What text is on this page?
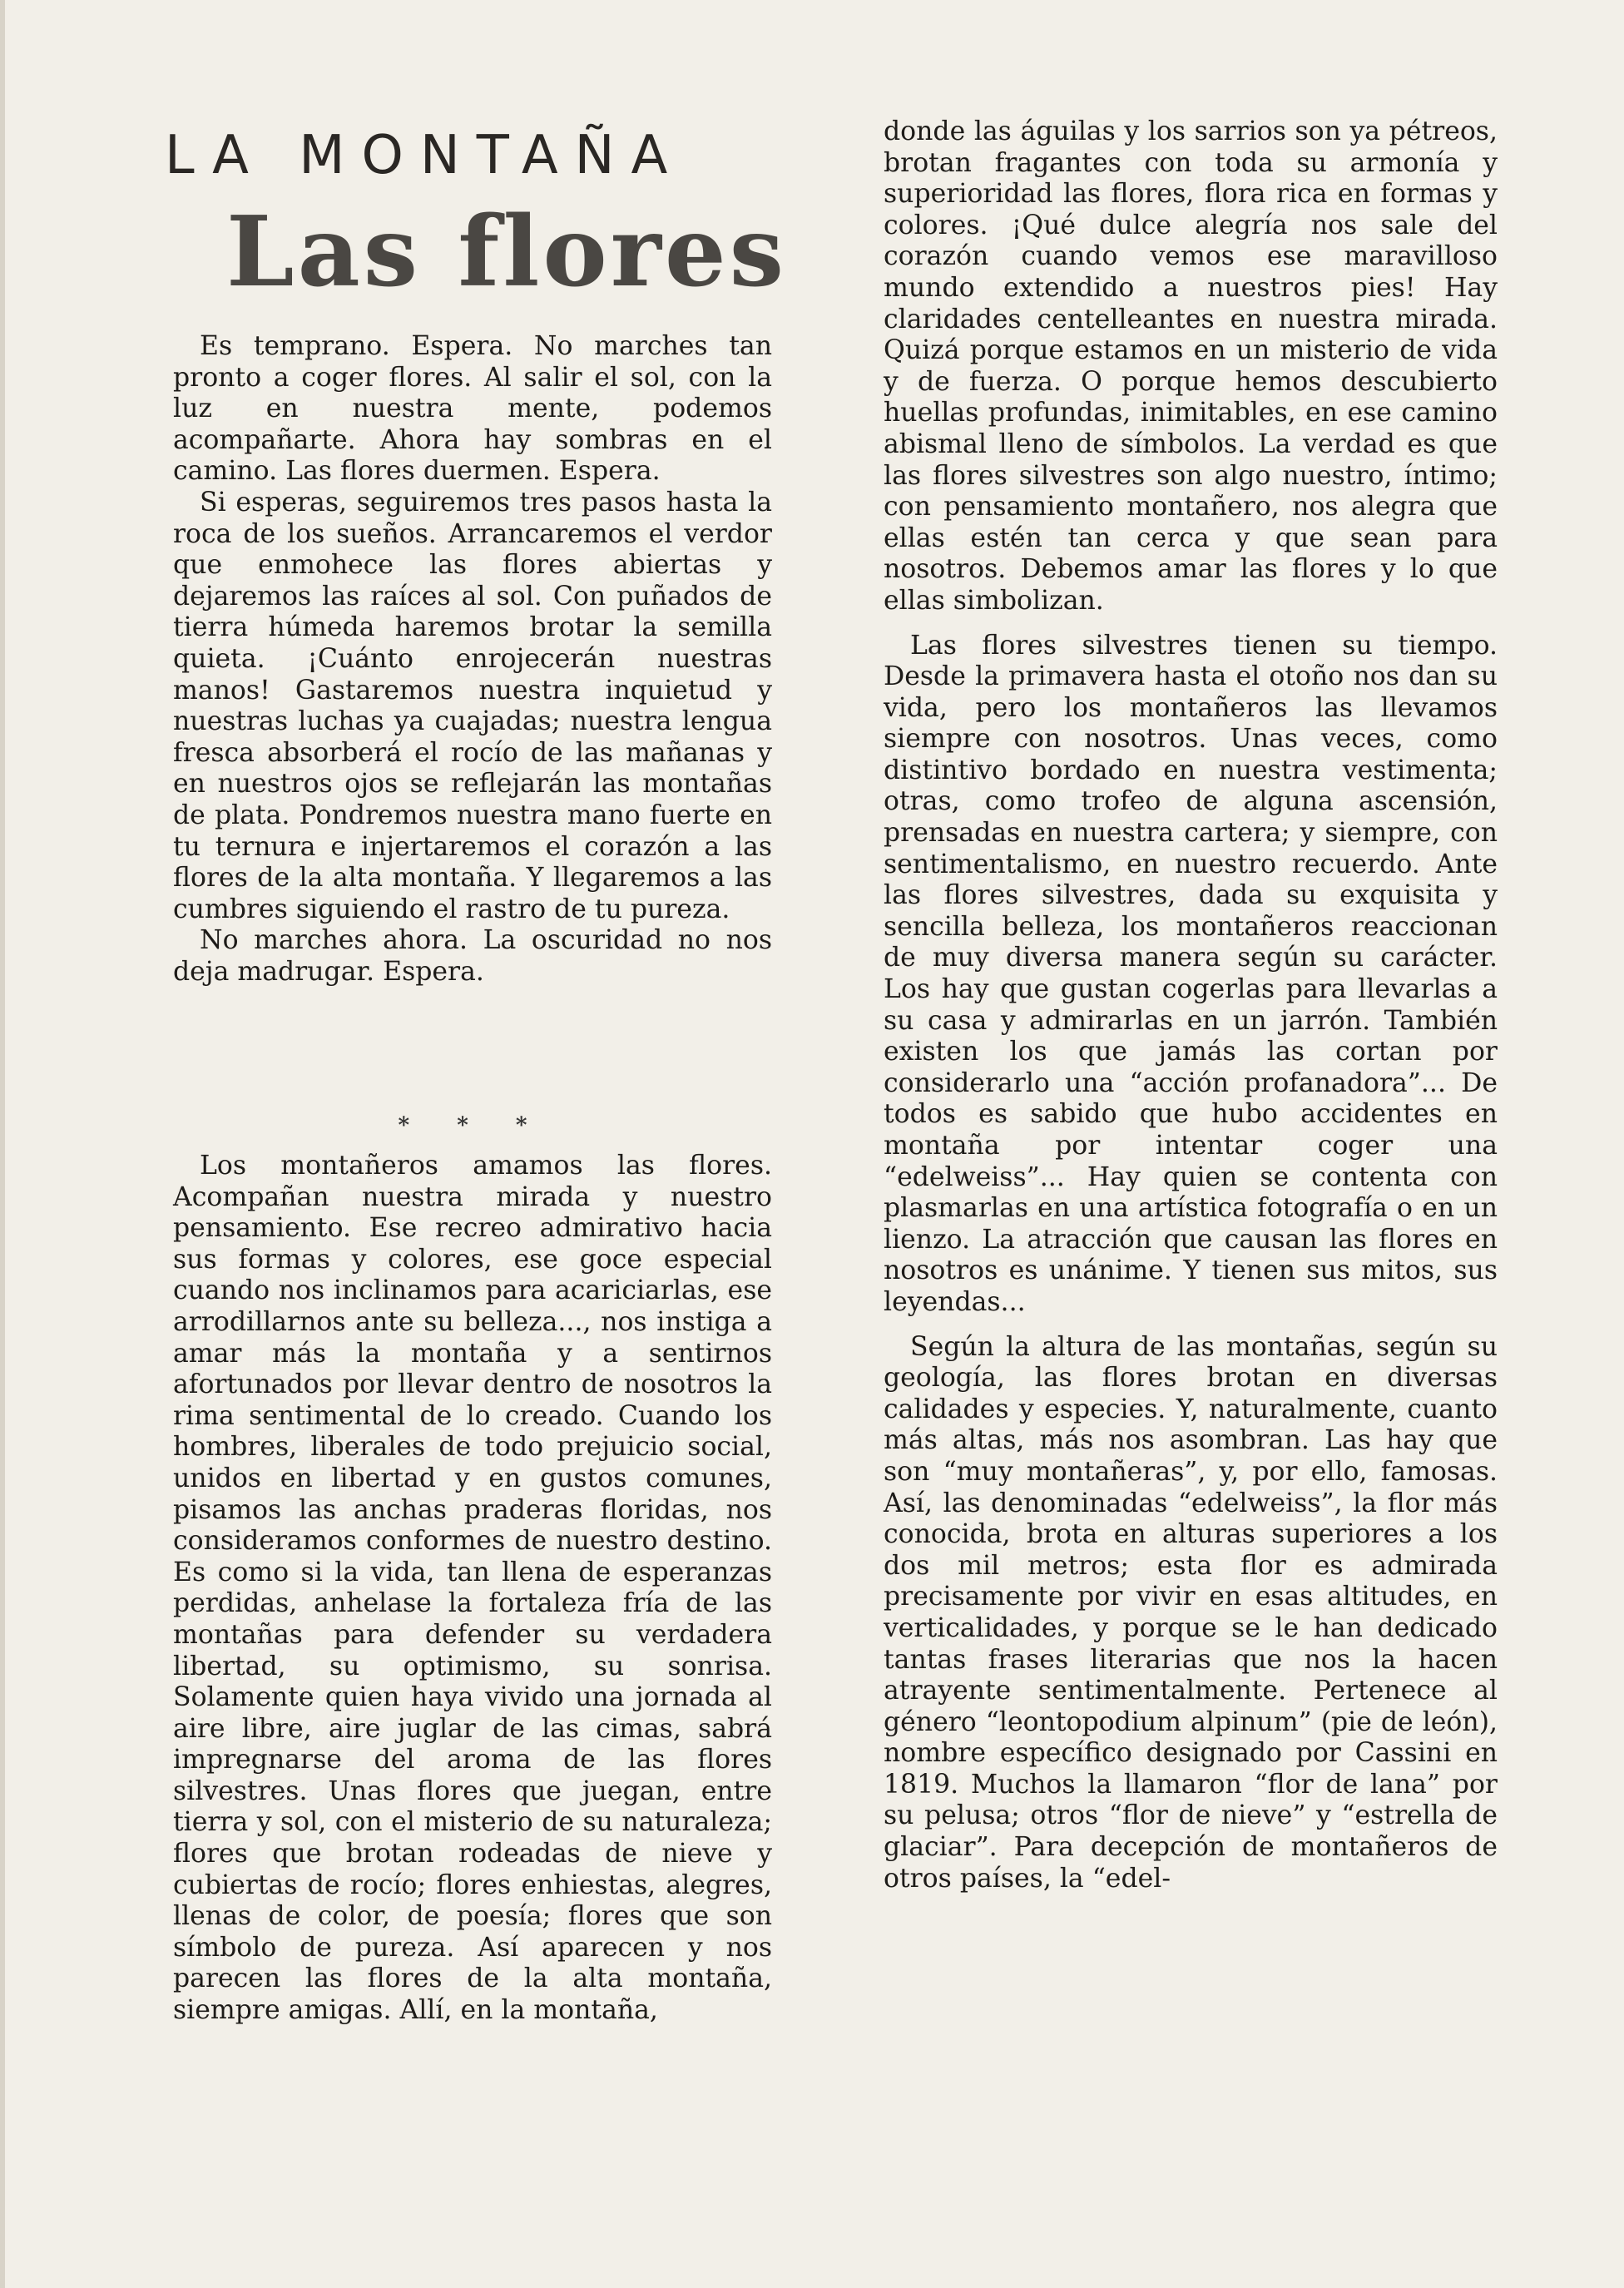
LA MONTAÑA
Las flores

Es temprano. Espera. No marches tan pronto a coger flores. Al salir el sol, con la luz en nuestra mente, podemos acompañarte. Ahora hay sombras en el camino. Las flores duermen. Espera.

Si esperas, seguiremos tres pasos hasta la roca de los sueños. Arrancaremos el verdor que enmohece las flores abiertas y dejaremos las raíces al sol. Con puñados de tierra húmeda haremos brotar la semilla quieta. ¡Cuánto enrojecerán nuestras manos! Gastaremos nuestra inquietud y nuestras luchas ya cuajadas; nuestra lengua fresca absorberá el rocío de las mañanas y en nuestros ojos se reflejarán las montañas de plata. Pondremos nuestra mano fuerte en tu ternura e injertaremos el corazón a las flores de la alta montaña. Y llegaremos a las cumbres siguiendo el rastro de tu pureza.

No marches ahora. La oscuridad no nos deja madrugar. Espera.

* * *

Los montañeros amamos las flores. Acompañan nuestra mirada y nuestro pensamiento. Ese recreo admirativo hacia sus formas y colores, ese goce especial cuando nos inclinamos para acariciarlas, ese arrodillarnos ante su belleza..., nos instiga a amar más la montaña y a sentirnos afortunados por llevar dentro de nosotros la rima sentimental de lo creado. Cuando los hombres, liberales de todo prejuicio social, unidos en libertad y en gustos comunes, pisamos las anchas praderas floridas, nos consideramos conformes de nuestro destino. Es como si la vida, tan llena de esperanzas perdidas, anhelase la fortaleza fría de las montañas para defender su verdadera libertad, su optimismo, su sonrisa. Solamente quien haya vivido una jornada al aire libre, aire juglar de las cimas, sabrá impregnarse del aroma de las flores silvestres. Unas flores que juegan, entre tierra y sol, con el misterio de su naturaleza; flores que brotan rodeadas de nieve y cubiertas de rocío; flores enhiestas, alegres, llenas de color, de poesía; flores que son símbolo de pureza. Así aparecen y nos parecen las flores de la alta montaña, siempre amigas. Allí, en la montaña,

donde las águilas y los sarrios son ya pétreos, brotan fragantes con toda su armonía y superioridad las flores, flora rica en formas y colores. ¡Qué dulce alegría nos sale del corazón cuando vemos ese maravilloso mundo extendido a nuestros pies! Hay claridades centelleantes en nuestra mirada. Quizá porque estamos en un misterio de vida y de fuerza. O porque hemos descubierto huellas profundas, inimitables, en ese camino abismal lleno de símbolos. La verdad es que las flores silvestres son algo nuestro, íntimo; con pensamiento montañero, nos alegra que ellas estén tan cerca y que sean para nosotros. Debemos amar las flores y lo que ellas simbolizan.

Las flores silvestres tienen su tiempo. Desde la primavera hasta el otoño nos dan su vida, pero los montañeros las llevamos siempre con nosotros. Unas veces, como distintivo bordado en nuestra vestimenta; otras, como trofeo de alguna ascensión, prensadas en nuestra cartera; y siempre, con sentimentalismo, en nuestro recuerdo. Ante las flores silvestres, dada su exquisita y sencilla belleza, los montañeros reaccionan de muy diversa manera según su carácter. Los hay que gustan cogerlas para llevarlas a su casa y admirarlas en un jarrón. También existen los que jamás las cortan por considerarlo una “acción profanadora”... De todos es sabido que hubo accidentes en montaña por intentar coger una “edelweiss”... Hay quien se contenta con plasmarlas en una artística fotografía o en un lienzo. La atracción que causan las flores en nosotros es unánime. Y tienen sus mitos, sus leyendas...

Según la altura de las montañas, según su geología, las flores brotan en diversas calidades y especies. Y, naturalmente, cuanto más altas, más nos asombran. Las hay que son “muy montañeras”, y, por ello, famosas. Así, las denominadas “edelweiss”, la flor más conocida, brota en alturas superiores a los dos mil metros; esta flor es admirada precisamente por vivir en esas altitudes, en verticalidades, y porque se le han dedicado tantas frases literarias que nos la hacen atrayente sentimentalmente. Pertenece al género “leontopodium alpinum” (pie de león), nombre específico designado por Cassini en 1819. Muchos la llamaron “flor de lana” por su pelusa; otros “flor de nieve” y “estrella de glaciar”. Para decepción de montañeros de otros países, la “edel-
